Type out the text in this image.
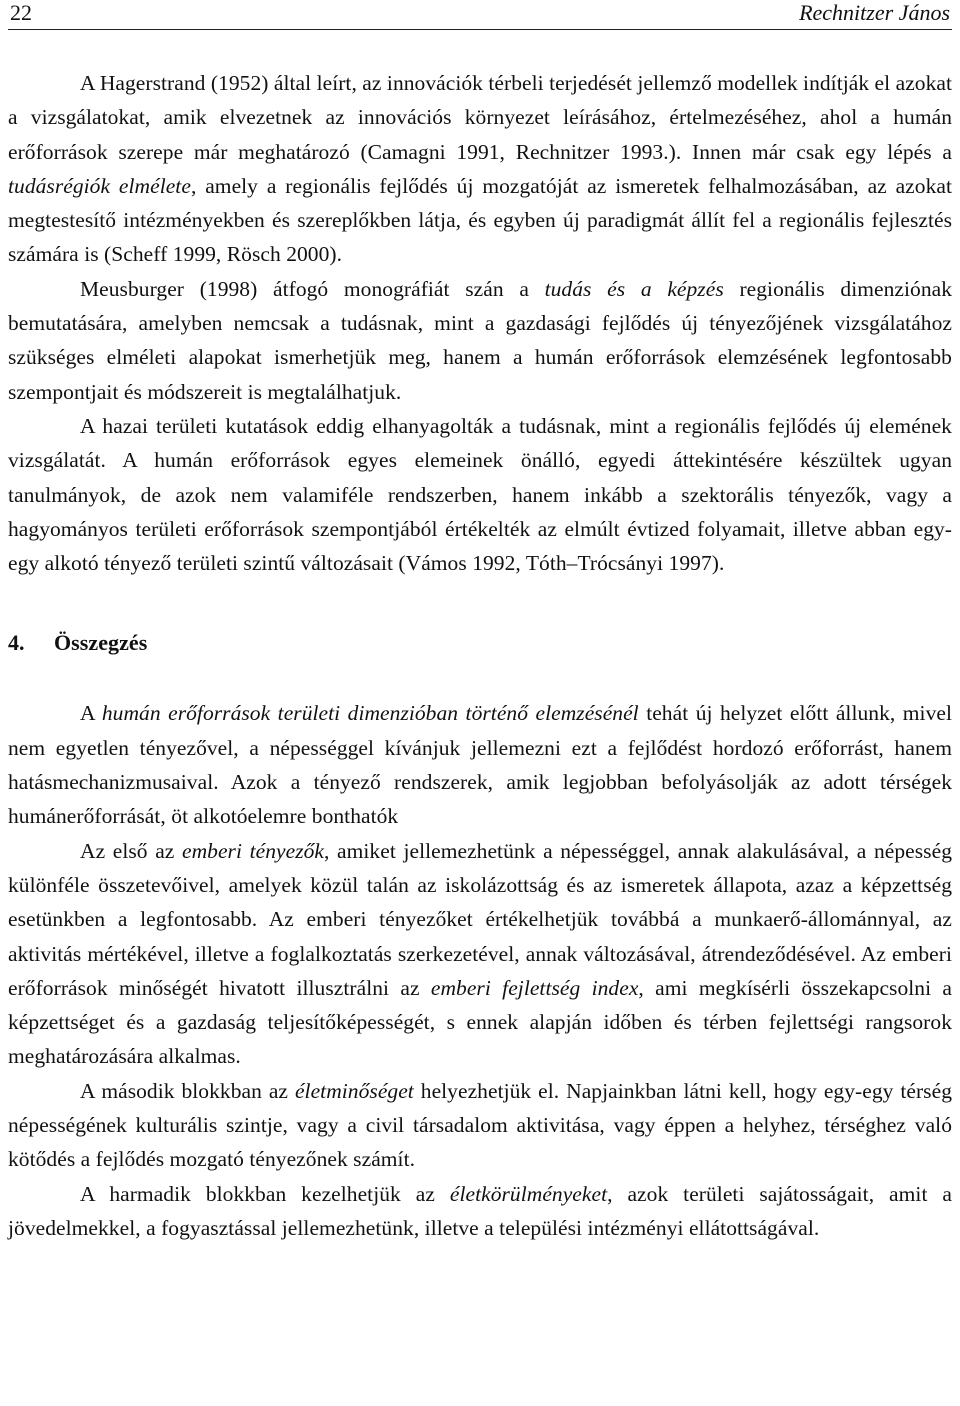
22	Rechnitzer János

A Hagerstrand (1952) által leírt, az innovációk térbeli terjedését jellemző modellek indítják el azokat a vizsgálatokat, amik elvezetnek az innovációs környezet leírásához, értelmezéséhez, ahol a humán erőforrások szerepe már meghatározó (Camagni 1991, Rechnitzer 1993.). Innen már csak egy lépés a tudásrégiók elmélete, amely a regionális fejlődés új mozgatóját az ismeretek felhalmozásában, az azokat megtestesítő intézményekben és szereplőkben látja, és egyben új paradigmát állít fel a regionális fejlesztés számára is (Scheff 1999, Rösch 2000).

Meusburger (1998) átfogó monográfiát szán a tudás és a képzés regionális dimenziónak bemutatására, amelyben nemcsak a tudásnak, mint a gazdasági fejlődés új tényezőjének vizsgálatához szükséges elméleti alapokat ismerhetjük meg, hanem a humán erőforrások elemzésének legfontosabb szempontjait és módszereit is megtalálhatjuk.

A hazai területi kutatások eddig elhanyagolták a tudásnak, mint a regionális fejlődés új elemének vizsgálatát. A humán erőforrások egyes elemeinek önálló, egyedi áttekintésére készültek ugyan tanulmányok, de azok nem valamiféle rendszerben, hanem inkább a szektorális tényezők, vagy a hagyományos területi erőforrások szempontjából értékelték az elmúlt évtized folyamait, illetve abban egy-egy alkotó tényező területi szintű változásait (Vámos 1992, Tóth–Trócsányi 1997).

4. Összegzés

A humán erőforrások területi dimenzióban történő elemzésénél tehát új helyzet előtt állunk, mivel nem egyetlen tényezővel, a népességgel kívánjuk jellemezni ezt a fejlődést hordozó erőforrást, hanem hatásmechanizmusaival. Azok a tényező rendszerek, amik legjobban befolyásolják az adott térségek humánerőforrását, öt alkotóelemre bonthatók

Az első az emberi tényezők, amiket jellemezhetünk a népességgel, annak alakulásával, a népesség különféle összetevőivel, amelyek közül talán az iskolázottság és az ismeretek állapota, azaz a képzettség esetünkben a legfontosabb. Az emberi tényezőket értékelhetjük továbbá a munkaerő-állománnyal, az aktivitás mértékével, illetve a foglalkoztatás szerkezetével, annak változásával, átrendeződésével. Az emberi erőforrások minőségét hivatott illusztrálni az emberi fejlettség index, ami megkísérli összekapcsolni a képzettséget és a gazdaság teljesítőképességét, s ennek alapján időben és térben fejlettségi rangsorok meghatározására alkalmas.

A második blokkban az életminőséget helyezhetjük el. Napjainkban látni kell, hogy egy-egy térség népességének kulturális szintje, vagy a civil társadalom aktivitása, vagy éppen a helyhez, térséghez való kötődés a fejlődés mozgató tényezőnek számít.

A harmadik blokkban kezelhetjük az életkörülményeket, azok területi sajátosságait, amit a jövedelmekkel, a fogyasztással jellemezhetünk, illetve a települési intézményi ellátottságával.
